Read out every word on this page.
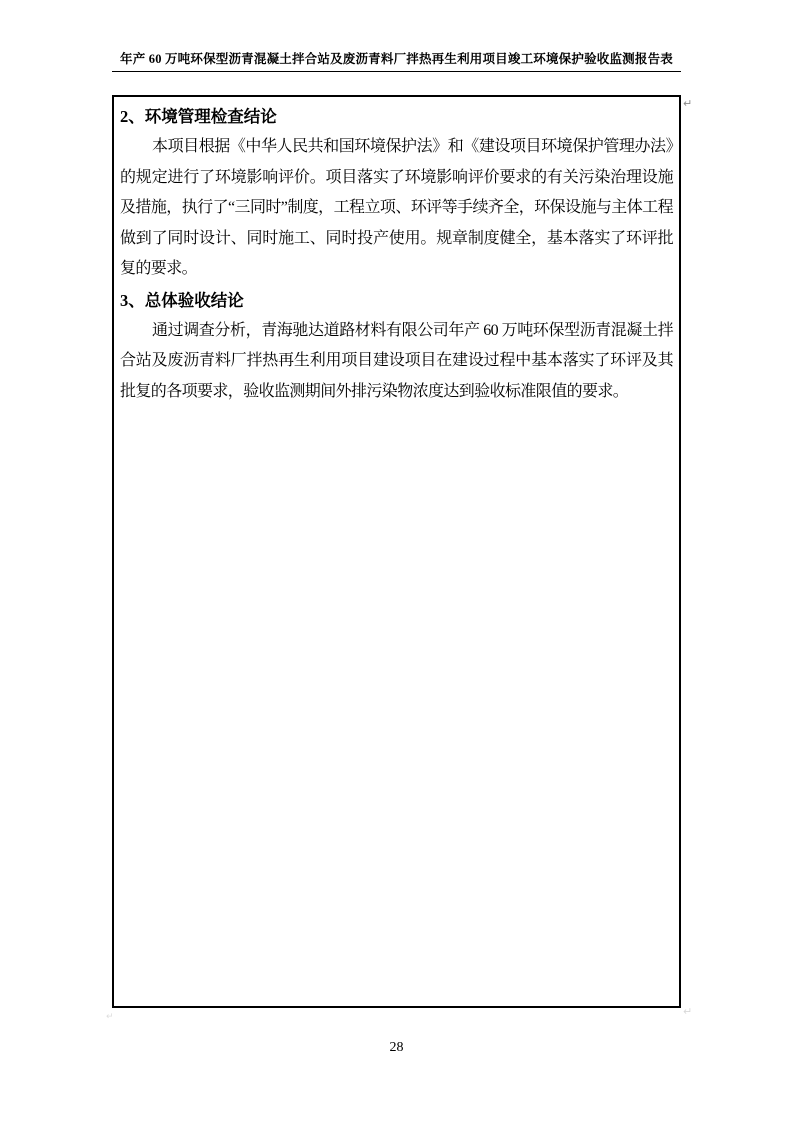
年产 60 万吨环保型沥青混凝土拌合站及废沥青料厂拌热再生利用项目竣工环境保护验收监测报告表
↵
2、环境管理检查结论

本项目根据《中华人民共和国环境保护法》和《建设项目环境保护管理办法》的规定进行了环境影响评价。项目落实了环境影响评价要求的有关污染治理设施及措施，执行了“三同时”制度，工程立项、环评等手续齐全，环保设施与主体工程做到了同时设计、同时施工、同时投产使用。规章制度健全，基本落实了环评批复的要求。

3、总体验收结论

通过调查分析，青海驰达道路材料有限公司年产 60 万吨环保型沥青混凝土拌合站及废沥青料厂拌热再生利用项目建设项目在建设过程中基本落实了环评及其批复的各项要求，验收监测期间外排污染物浓度达到验收标准限值的要求。

↵	↵
28
